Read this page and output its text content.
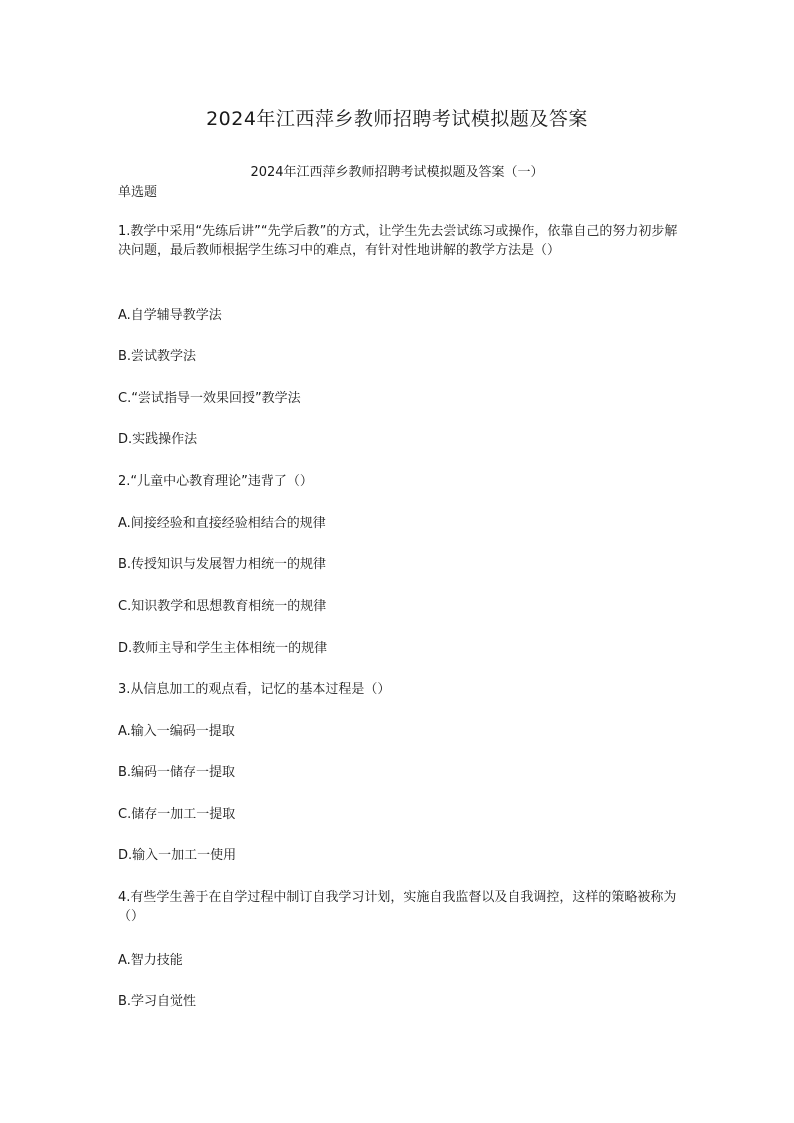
2024年江西萍乡教师招聘考试模拟题及答案

2024年江西萍乡教师招聘考试模拟题及答案（一）

单选题

1.教学中采用“先练后讲”“先学后教”的方式，让学生先去尝试练习或操作，依靠自己的努力初步解决问题，最后教师根据学生练习中的难点，有针对性地讲解的教学方法是（）

A.自学辅导教学法

B.尝试教学法

C.“尝试指导一效果回授”教学法

D.实践操作法

2.“儿童中心教育理论”违背了（）

A.间接经验和直接经验相结合的规律

B.传授知识与发展智力相统一的规律

C.知识教学和思想教育相统一的规律

D.教师主导和学生主体相统一的规律

3.从信息加工的观点看，记忆的基本过程是（）

A.输入一编码一提取

B.编码一储存一提取

C.储存一加工一提取

D.输入一加工一使用

4.有些学生善于在自学过程中制订自我学习计划，实施自我监督以及自我调控，这样的策略被称为（）

A.智力技能

B.学习自觉性
